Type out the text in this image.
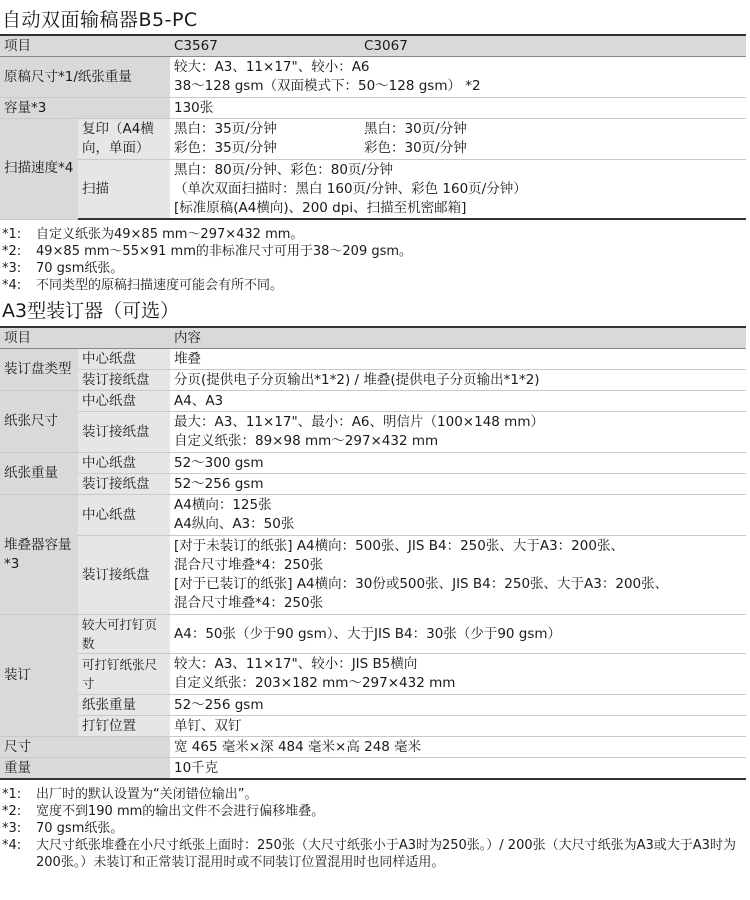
自动双面输稿器B5-PC
项目		C3567 C3067

原稿尺寸*1/纸张重量		较大：A3、11×17"、较小：A6
38～128 gsm（双面模式下：50～128 gsm） *2

容量*3		130张
扫描速度*4	复印（A4横向，单面）	黑白：35页/分钟 黑白：30页/分钟
彩色：35页/分钟 彩色：30页/分钟

	扫描	黑白：80页/分钟、彩色：80页/分钟
（单次双面扫描时：黑白 160页/分钟、彩色 160页/分钟）
[标准原稿(A4横向)、200 dpi、扫描至机密邮箱]
*1:	自定义纸张为49×85 mm～297×432 mm。
*2:	49×85 mm～55×91 mm的非标准尺寸可用于38～209 gsm。
*3:	70 gsm纸张。
*4:	不同类型的原稿扫描速度可能会有所不同。
A3型装订器（可选）
项目		内容
装订盘类型	中心纸盘	堆叠
	装订接纸盘	分页(提供电子分页输出*1*2) / 堆叠(提供电子分页输出*1*2)
纸张尺寸	中心纸盘	A4、A3
	装订接纸盘	最大：A3、11×17"、最小：A6、明信片（100×148 mm）
自定义纸张：89×98 mm～297×432 mm

纸张重量	中心纸盘	52～300 gsm
	装订接纸盘	52～256 gsm
堆叠器容量*3	中心纸盘	A4横向：125张
A4纵向、A3：50张

	装订接纸盘	[对于未装订的纸张] A4横向：500张、JIS B4：250张、大于A3：200张、
混合尺寸堆叠*4：250张
[对于已装订的纸张] A4横向：30份或500张、JIS B4：250张、大于A3：200张、
混合尺寸堆叠*4：250张

装订	较大可打钉页数	A4：50张（少于90 gsm）、大于JIS B4：30张（少于90 gsm）
	可打钉纸张尺寸	较大：A3、11×17"、较小：JIS B5横向
自定义纸张：203×182 mm～297×432 mm

	纸张重量	52～256 gsm
	打钉位置	单钉、双钉
尺寸		宽 465 毫米×深 484 毫米×高 248 毫米
重量		10千克
*1:	出厂时的默认设置为“关闭错位输出”。
*2:	宽度不到190 mm的输出文件不会进行偏移堆叠。
*3:	70 gsm纸张。
*4:	大尺寸纸张堆叠在小尺寸纸张上面时：250张（大尺寸纸张小于A3时为250张。）/ 200张（大尺寸纸张为A3或大于A3时为200张。）未装订和正常装订混用时或不同装订位置混用时也同样适用。
